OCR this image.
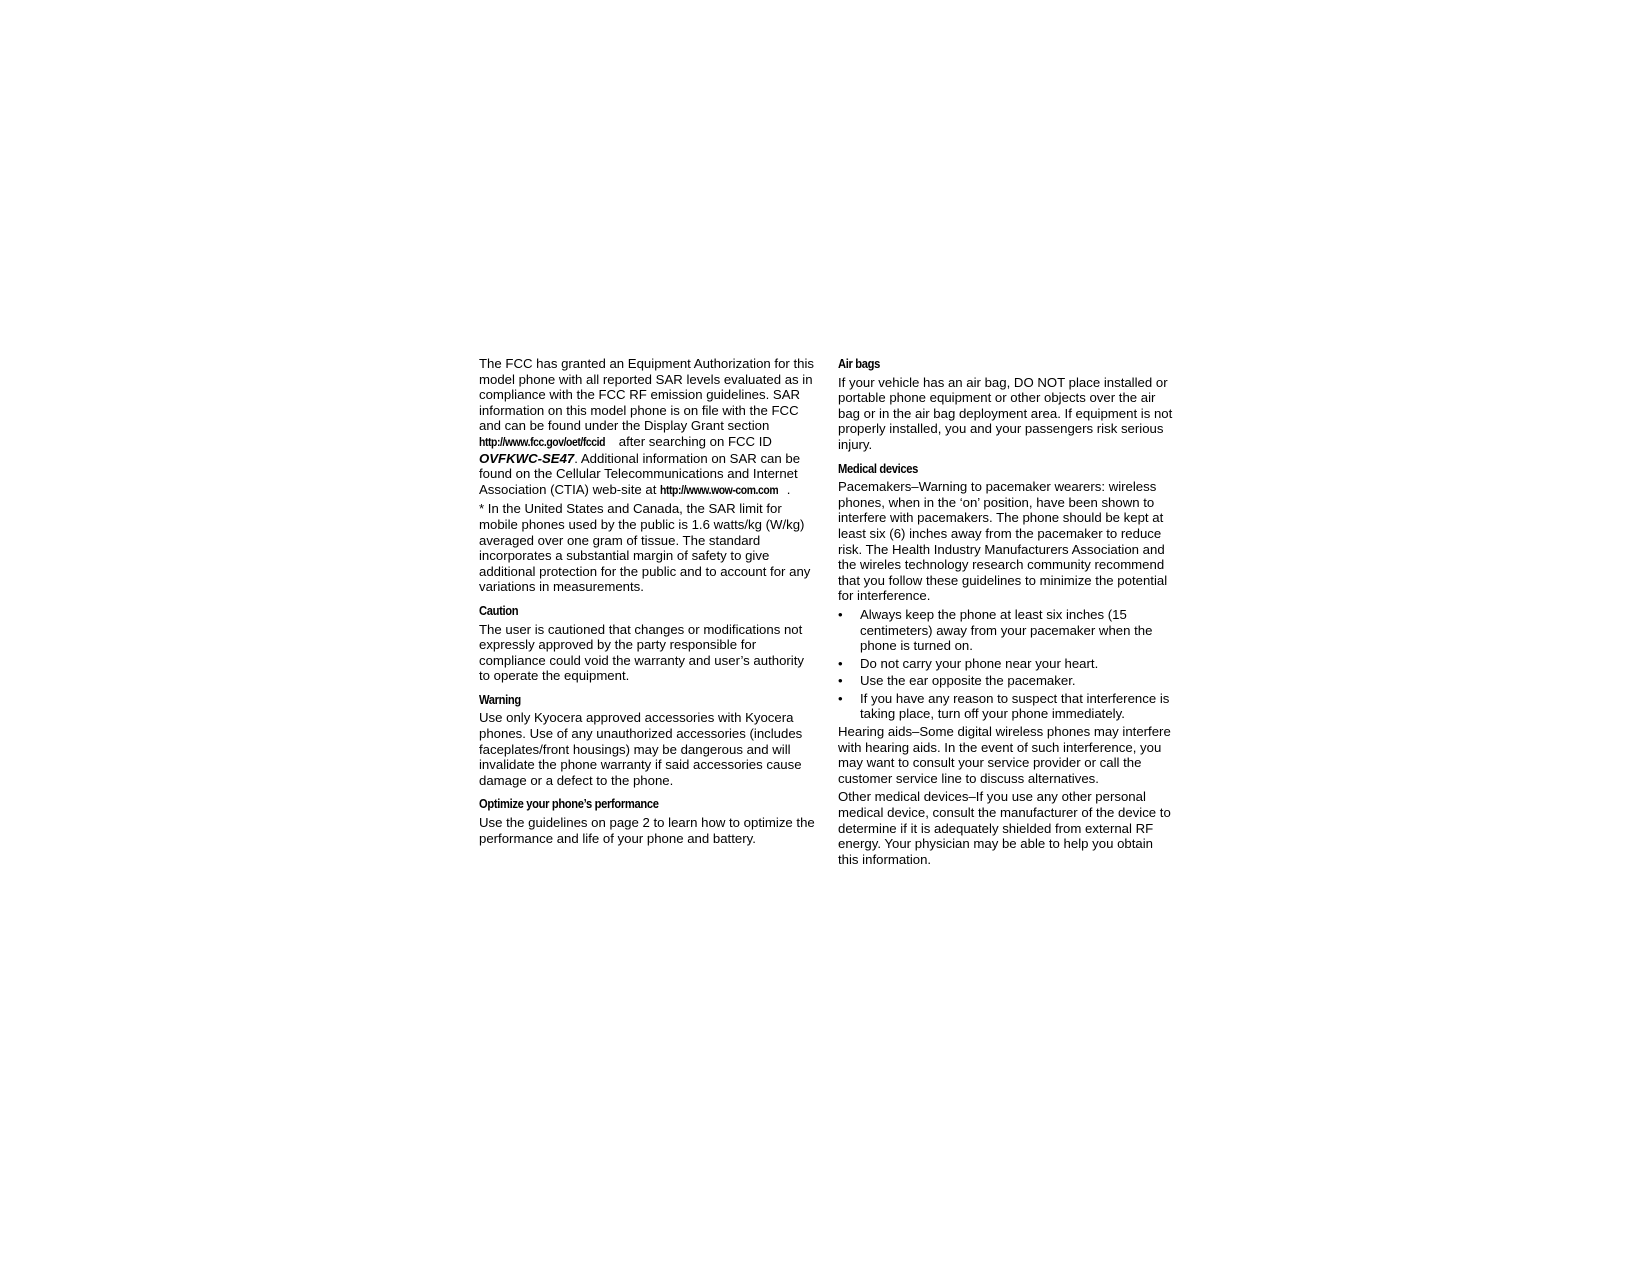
The FCC has granted an Equipment Authorization for this model phone with all reported SAR levels evaluated as in compliance with the FCC RF emission guidelines. SAR information on this model phone is on file with the FCC and can be found under the Display Grant section http://www.fcc.gov/oet/fccid after searching on FCC ID OVFKWC-SE47. Additional information on SAR can be found on the Cellular Telecommunications and Internet Association (CTIA) web-site at http://www.wow-com.com .

* In the United States and Canada, the SAR limit for mobile phones used by the public is 1.6 watts/kg (W/kg) averaged over one gram of tissue. The standard incorporates a substantial margin of safety to give additional protection for the public and to account for any variations in measurements.

Caution

The user is cautioned that changes or modifications not expressly approved by the party responsible for compliance could void the warranty and user’s authority to operate the equipment.

Warning

Use only Kyocera approved accessories with Kyocera phones. Use of any unauthorized accessories (includes faceplates/front housings) may be dangerous and will invalidate the phone warranty if said accessories cause damage or a defect to the phone.

Optimize your phone’s performance

Use the guidelines on page 2 to learn how to optimize the performance and life of your phone and battery.

Air bags

If your vehicle has an air bag, DO NOT place installed or portable phone equipment or other objects over the air bag or in the air bag deployment area. If equipment is not properly installed, you and your passengers risk serious injury.

Medical devices

Pacemakers–Warning to pacemaker wearers: wireless phones, when in the ‘on’ position, have been shown to interfere with pacemakers. The phone should be kept at least six (6) inches away from the pacemaker to reduce risk. The Health Industry Manufacturers Association and the wireles technology research community recommend that you follow these guidelines to minimize the potential for interference.

• Always keep the phone at least six inches (15 centimeters) away from your pacemaker when the phone is turned on.
• Do not carry your phone near your heart.
• Use the ear opposite the pacemaker.
• If you have any reason to suspect that interference is taking place, turn off your phone immediately.

Hearing aids–Some digital wireless phones may interfere with hearing aids. In the event of such interference, you may want to consult your service provider or call the customer service line to discuss alternatives.

Other medical devices–If you use any other personal medical device, consult the manufacturer of the device to determine if it is adequately shielded from external RF energy. Your physician may be able to help you obtain this information.
